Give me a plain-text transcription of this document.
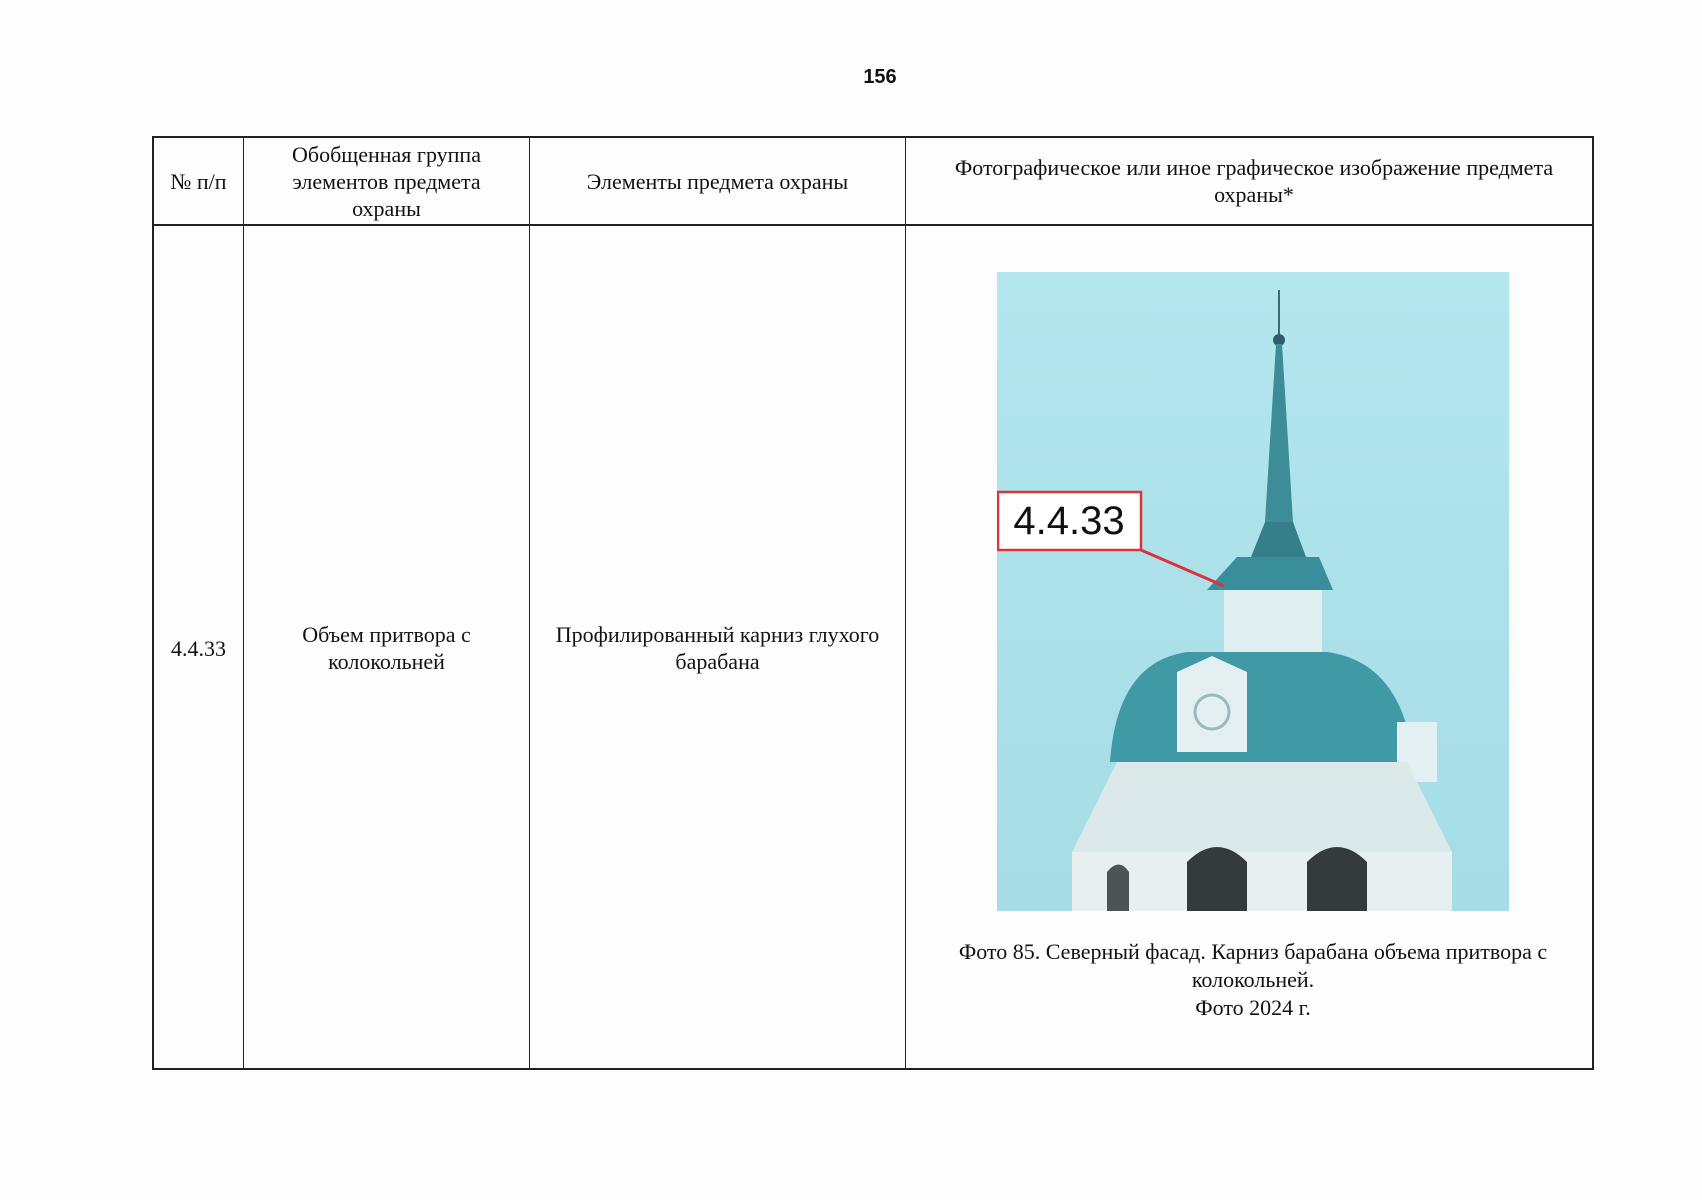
156
№ п/п
Обобщенная группа элементов предмета охраны
Элементы предмета охраны
Фотографическое или иное графическое изображение предмета охраны*
4.4.33
Объем притвора с колокольней
Профилированный карниз глухого барабана
4.4.33
Фото 85. Северный фасад. Карниз барабана объема притвора с колокольней.
Фото 2024 г.
